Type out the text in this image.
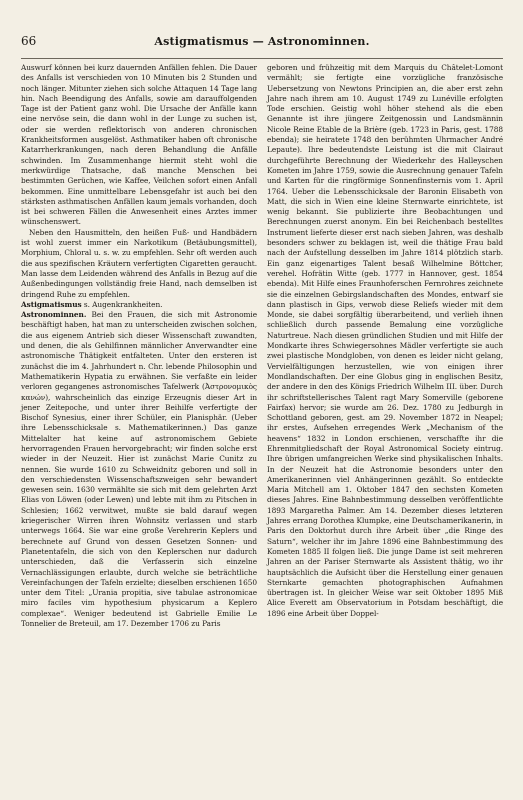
66	Astigmatismus — Astronominnen.

Auswurf können bei kurz dauernden Anfällen fehlen. Die Dauer des Anfalls ist verschieden von 10 Minuten bis 2 Stunden und noch länger. Mitunter ziehen sich solche Attaquen 14 Tage lang hin. Nach Beendigung des Anfalls, sowie am darauffolgenden Tage ist der Patient ganz wohl. Die Ursache der Anfälle kann eine nervöse sein, die dann wohl in der Lunge zu suchen ist, oder sie werden reflektorisch von anderen chronischen Krankheitsformen ausgelöst. Asthmatiker haben oft chronische Katarrherkrankungen, nach deren Behandlung die Anfälle schwinden. Im Zusammenhange hiermit steht wohl die merkwürdige Thatsache, daß manche Menschen bei bestimmten Gerüchen, wie Kaffee, Veilchen sofort einen Anfall bekommen. Eine unmittelbare Lebensgefahr ist auch bei den stärksten asthmatischen Anfällen kaum jemals vorhanden, doch ist bei schweren Fällen die Anwesenheit eines Arztes immer wünschenswert.

Neben den Hausmitteln, den heißen Fuß- und Handbädern ist wohl zuerst immer ein Narkotikum (Betäubungsmittel), Morphium, Chloral u. s. w. zu empfehlen. Sehr oft werden auch die aus spezifischen Kräutern verfertigten Cigaretten geraucht. Man lasse dem Leidenden während des Anfalls in Bezug auf die Außenbedingungen vollständig freie Hand, nach demselben ist dringend Ruhe zu empfehlen.

Astigmatismus s. Augenkrankheiten.

Astronominnen. Bei den Frauen, die sich mit Astronomie beschäftigt haben, hat man zu unterscheiden zwischen solchen, die aus eigenem Antrieb sich dieser Wissenschaft zuwandten, und denen, die als Gehilfinnen männlicher Anverwandter eine astronomische Thätigkeit entfalteten. Unter den ersteren ist zunächst die im 4. Jahrhundert n. Chr. lebende Philosophin und Mathematikerin Hypatia zu erwähnen. Sie verfaßte ein leider verloren gegangenes astronomisches Tafelwerk (Ἀστρονομικὸς κανών), wahrscheinlich das einzige Erzeugnis dieser Art in jener Zeitepoche, und unter ihrer Beihilfe verfertigte der Bischof Synesius, einer ihrer Schüler, ein Planisphär. (Ueber ihre Lebensschicksale s. Mathematikerinnen.) Das ganze Mittelalter hat keine auf astronomischem Gebiete hervorragenden Frauen hervorgebracht; wir finden solche erst wieder in der Neuzeit. Hier ist zunächst Marie Cunitz zu nennen. Sie wurde 1610 zu Schweidnitz geboren und soll in den verschiedensten Wissenschaftszweigen sehr bewandert gewesen sein. 1630 vermählte sie sich mit dem gelehrten Arzt Elias von Löwen (oder Lewen) und lebte mit ihm zu Pitschen in Schlesien; 1662 verwitwet, mußte sie bald darauf wegen kriegerischer Wirren ihren Wohnsitz verlassen und starb unterwegs 1664. Sie war eine große Verehrerin Keplers und berechnete auf Grund von dessen Gesetzen Sonnen- und Planetentafeln, die sich von den Keplerschen nur dadurch unterschieden, daß die Verfasserin sich einzelne Vernachlässigungen erlaubte, durch welche sie beträchtliche Vereinfachungen der Tafeln erzielte; dieselben erschienen 1650 unter dem Titel: „Urania propitia, sive tabulae astronomicae miro faciles vim hypothesium physicarum a Keplero complexae“. Weniger bedeutend ist Gabrielle Emilie Le Tonnelier de Breteuil, am 17. Dezember 1706 zu Paris

geboren und frühzeitig mit dem Marquis du Châtelet-Lomont vermählt; sie fertigte eine vorzügliche französische Uebersetzung von Newtons Principien an, die aber erst zehn Jahre nach ihrem am 10. August 1749 zu Lunéville erfolgten Tode erschien. Geistig wohl höher stehend als die eben Genannte ist ihre jüngere Zeitgenossin und Landsmännin Nicole Reine Etable de la Brière (geb. 1723 in Paris, gest. 1788 ebenda); sie heiratete 1748 den berühmten Uhrmacher André Lepaute). Ihre bedeutendste Leistung ist die mit Clairaut durchgeführte Berechnung der Wiederkehr des Halleyschen Kometen im Jahre 1759, sowie die Ausrechnung genauer Tafeln und Karten für die ringförmige Sonnenfinsternis vom 1. April 1764. Ueber die Lebensschicksale der Baronin Elisabeth von Matt, die sich in Wien eine kleine Sternwarte einrichtete, ist wenig bekannt. Sie publizierte ihre Beobachtungen und Berechnungen zuerst anonym. Ein bei Reichenbach bestelltes Instrument lieferte dieser erst nach sieben Jahren, was deshalb besonders schwer zu beklagen ist, weil die thätige Frau bald nach der Aufstellung desselben im Jahre 1814 plötzlich starb. Ein ganz eigenartiges Talent besaß Wilhelmine Böttcher, verehel. Hofrätin Witte (geb. 1777 in Hannover, gest. 1854 ebenda). Mit Hilfe eines Fraunhoferschen Fernrohres zeichnete sie die einzelnen Gebirgslandschaften des Mondes, entwarf sie dann plastisch in Gips, verwob diese Reliefs wieder mit dem Monde, sie dabei sorgfältig überarbeitend, und verlieh ihnen schließlich durch passende Bemalung eine vorzügliche Naturtreue. Nach diesen gründlichen Studien und mit Hilfe der Mondkarte ihres Schwiegersohnes Mädler verfertigte sie auch zwei plastische Mondgloben, von denen es leider nicht gelang, Vervielfältigungen herzustellen, wie von einigen ihrer Mondlandschaften. Der eine Globus ging in englischen Besitz, der andere in den des Königs Friedrich Wilhelm III. über. Durch ihr schriftstellerisches Talent ragt Mary Somerville (geborene Fairfax) hervor; sie wurde am 26. Dez. 1780 zu Jedburgh in Schottland geboren, gest. am 29. November 1872 in Neapel; ihr erstes, Aufsehen erregendes Werk „Mechanism of the heavens“ 1832 in London erschienen, verschaffte ihr die Ehrenmitgliedschaft der Royal Astronomical Society eintrug. Ihre übrigen umfangreichen Werke sind physikalischen Inhalts. In der Neuzeit hat die Astronomie besonders unter den Amerikanerinnen viel Anhängerinnen gezählt. So entdeckte Maria Mitchell am 1. Oktober 1847 den sechsten Kometen dieses Jahres. Eine Bahnbestimmung desselben veröffentlichte 1893 Margaretha Palmer. Am 14. Dezember dieses letzteren Jahres errang Dorothea Klumpke, eine Deutschamerikanerin, in Paris den Doktorhut durch ihre Arbeit über „die Ringe des Saturn“, welcher ihr im Jahre 1896 eine Bahnbestimmung des Kometen 1885 II folgen ließ. Die junge Dame ist seit mehreren Jahren an der Pariser Sternwarte als Assistent thätig, wo ihr hauptsächlich die Aufsicht über die Herstellung einer genauen Sternkarte gemachten photographischen Aufnahmen übertragen ist. In gleicher Weise war seit Oktober 1895 Miß Alice Everett am Observatorium in Potsdam beschäftigt, die 1896 eine Arbeit über Doppel-
